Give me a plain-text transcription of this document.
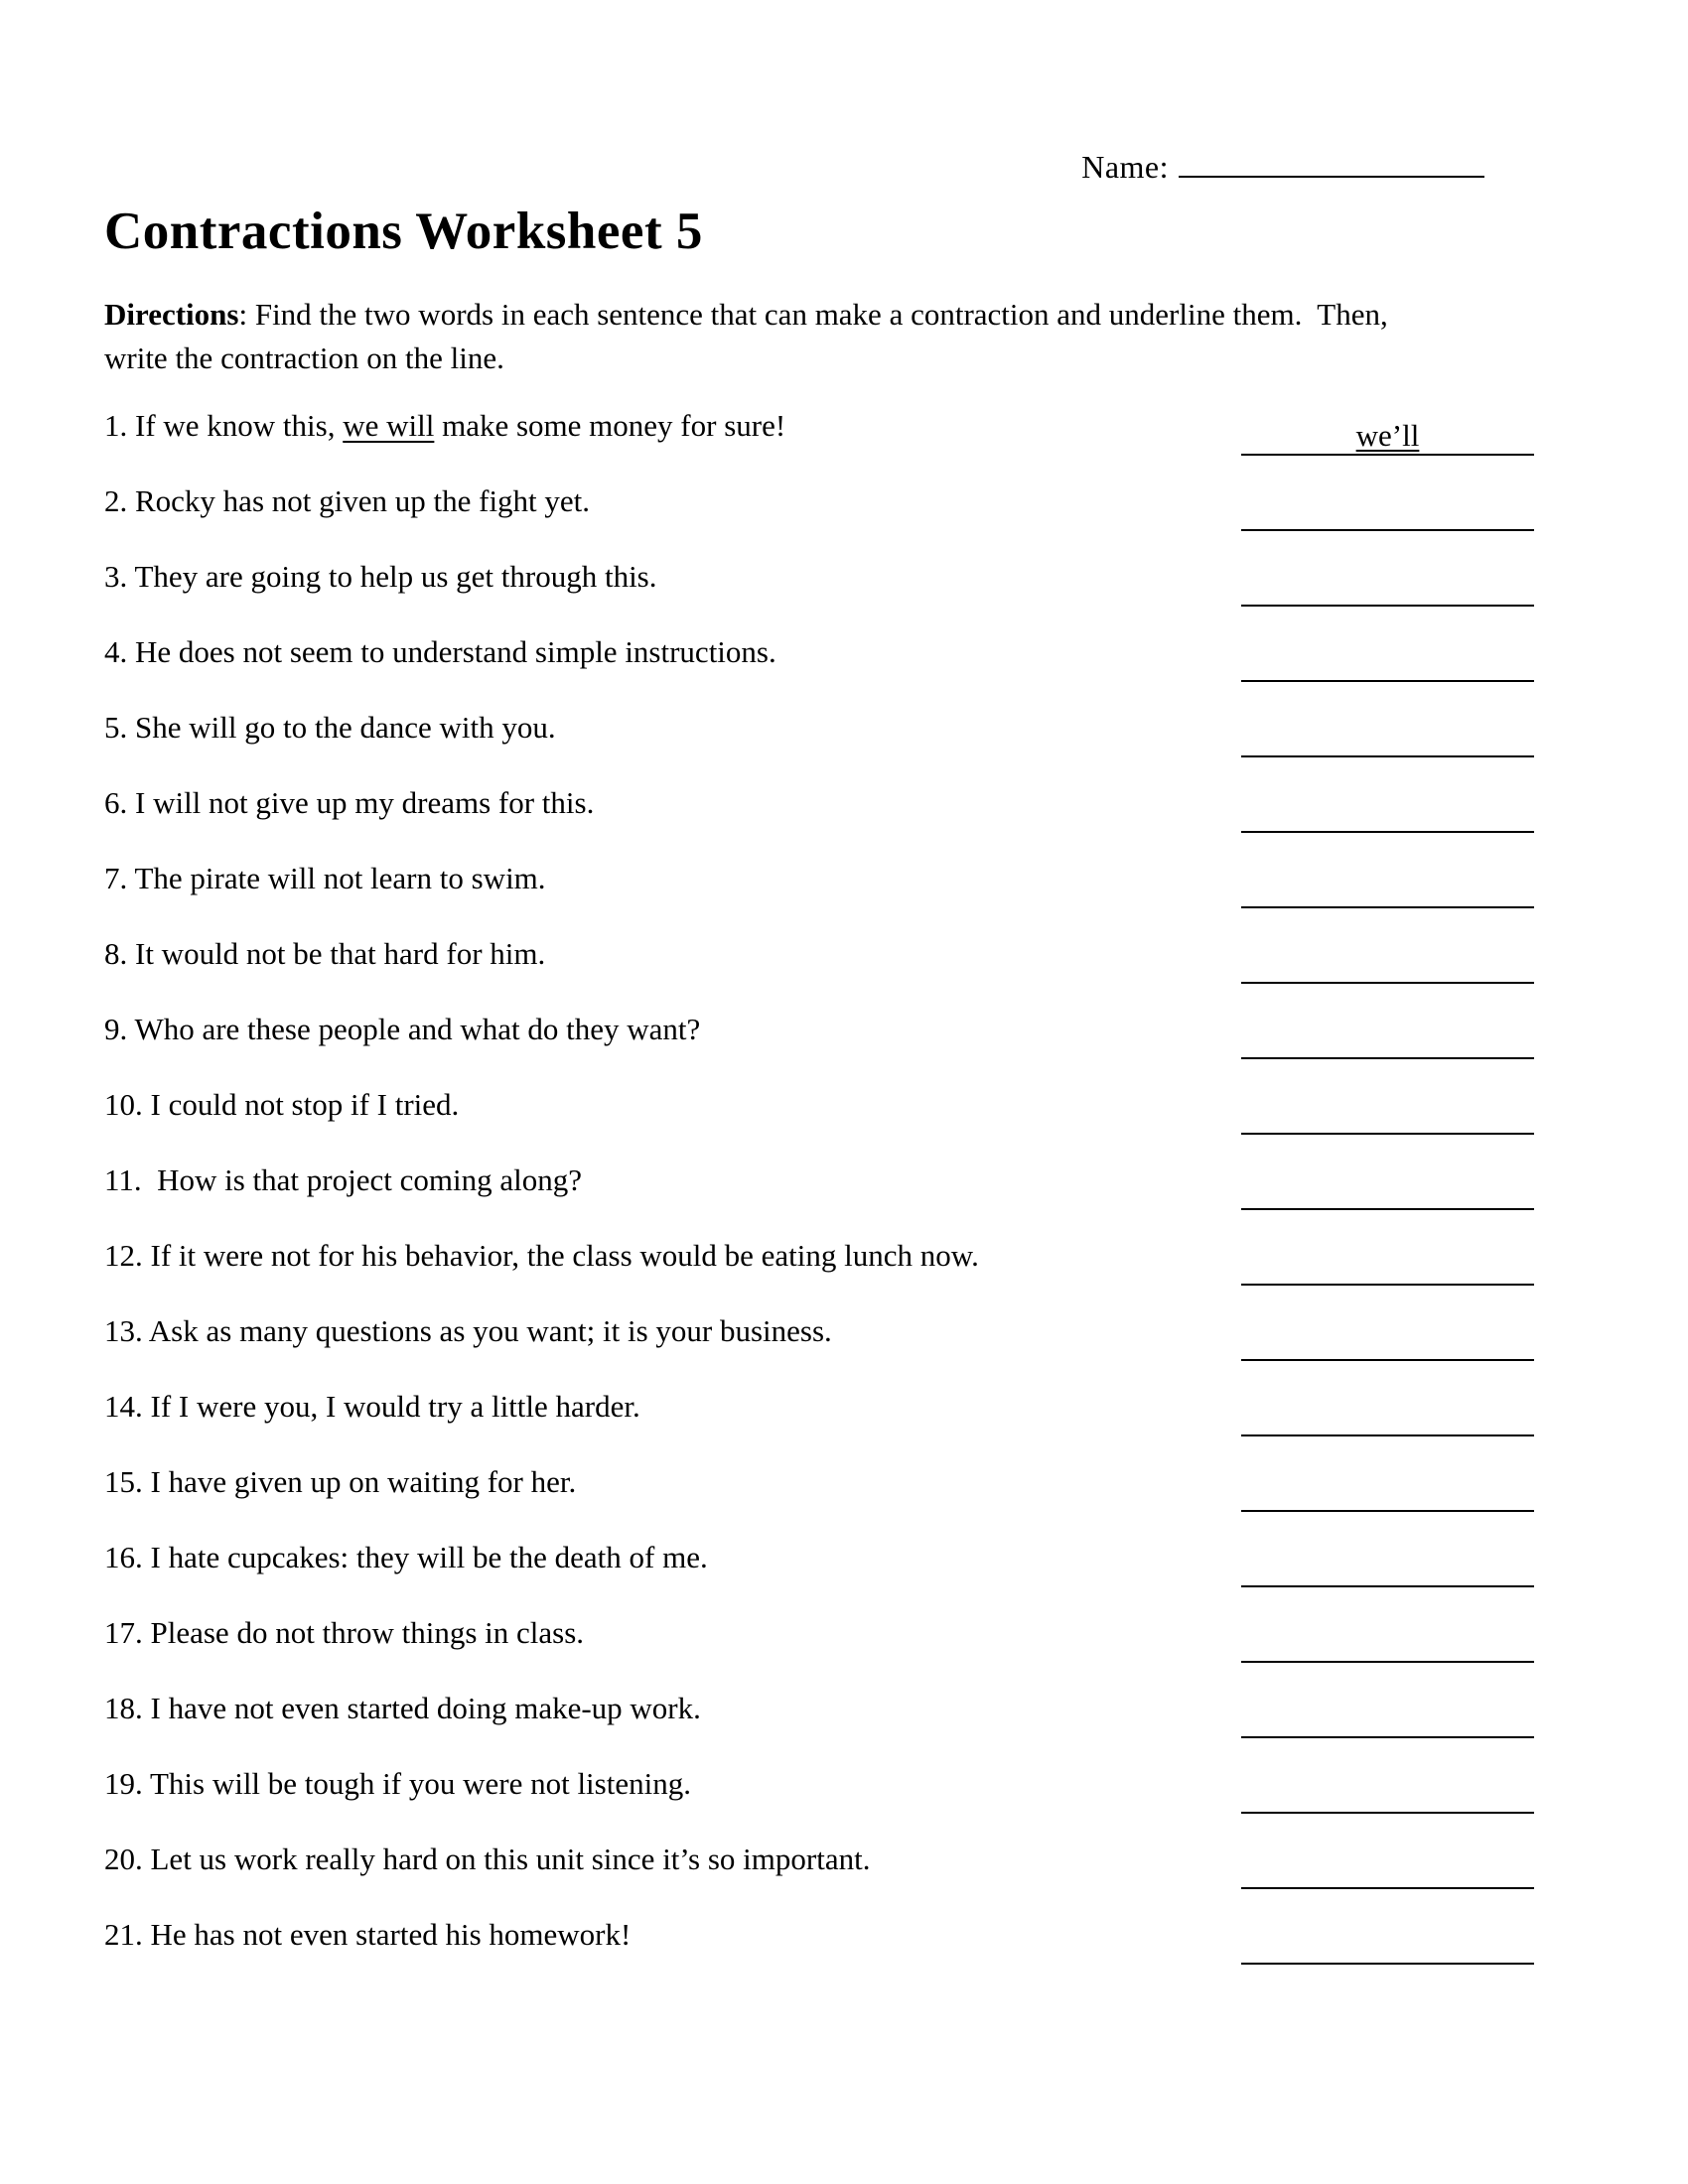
Name:
Contractions Worksheet 5
Directions: Find the two words in each sentence that can make a contraction and underline them.  Then,
write the contraction on the line.
1. If we know this, we will make some money for sure!	we’ll
2. Rocky has not given up the fight yet.
3. They are going to help us get through this.
4. He does not seem to understand simple instructions.
5. She will go to the dance with you.
6. I will not give up my dreams for this.
7. The pirate will not learn to swim.
8. It would not be that hard for him.
9. Who are these people and what do they want?
10. I could not stop if I tried.
11.  How is that project coming along?
12. If it were not for his behavior, the class would be eating lunch now.
13. Ask as many questions as you want; it is your business.
14. If I were you, I would try a little harder.
15. I have given up on waiting for her.
16. I hate cupcakes: they will be the death of me.
17. Please do not throw things in class.
18. I have not even started doing make-up work.
19. This will be tough if you were not listening.
20. Let us work really hard on this unit since it’s so important.
21. He has not even started his homework!
